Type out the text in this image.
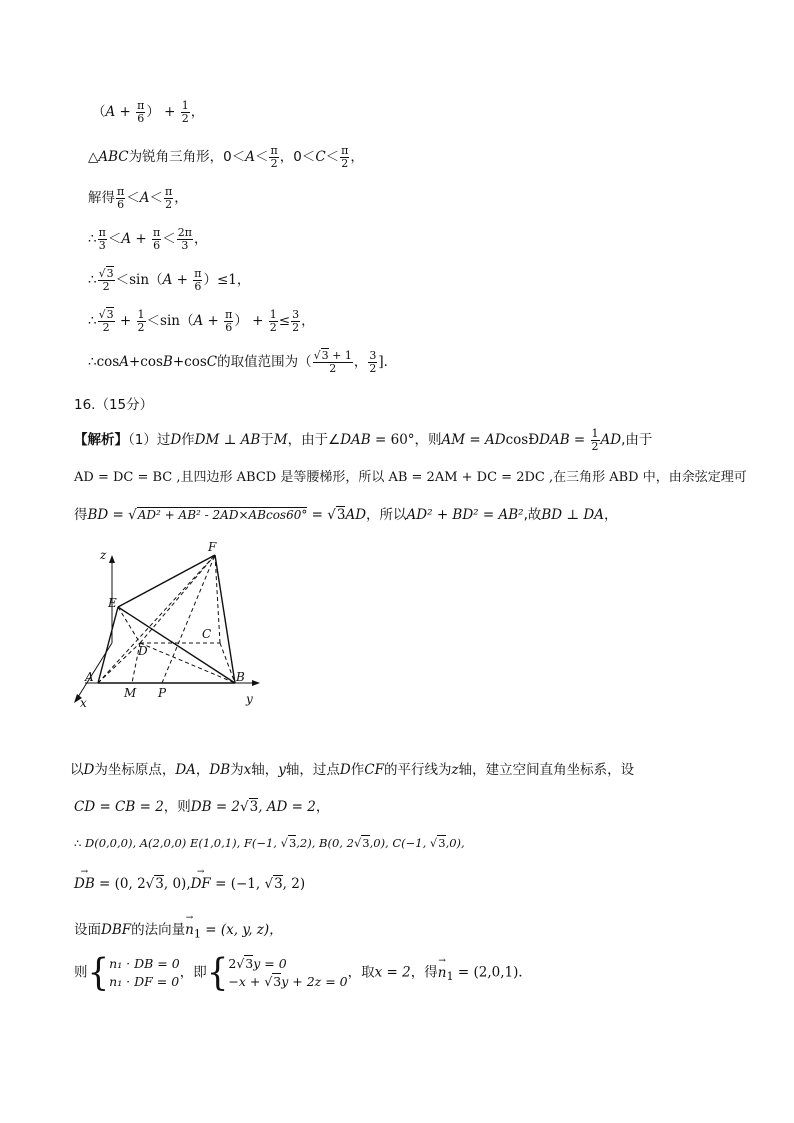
（$A + \frac{\pi}{6}$ ） + $\frac{1}{2}$ ，
△ABC为锐角三角形，$0<A< \frac{\pi}{2}$ ，$0<C< \frac{\pi}{2}$ ，
解得 $\frac{\pi}{6} <A< \frac{\pi}{2}$ ，
∴ $\frac{\pi}{3} <A + \frac{\pi}{6} < \frac{2\pi}{3}$ ，
∴ $\frac{√3}{2} <\sin(A + \frac{\pi}{6} )\le 1$，
∴ $\frac{√3}{2} + \frac{1}{2} <\sin(A + \frac{\pi}{6}$ ） + $\frac{1}{2} \le \frac{3}{2}$ ，
∴cosA+cosB+cosC的取值范围为（ $\frac{√3 + 1}{2}$ ， $\frac{3}{2}$ ]．
16.（15分）
【解析】（1）过D作DM ⊥ AB于M，由于∠DAB = 60°，则AM = ADcosÐDAB = $\frac{1}{2}$ AD,由于
AD = DC = BC ,且四边形 ABCD 是等腰梯形，所以 AB = 2AM + DC = 2DC ,在三角形 ABD 中，由余弦定理可
得BD = √AD² + AB² - 2AD×ABcos60° = √3AD，所以AD² + BD² = AB²,故BD ⊥ DA，
z
F
E
C
D
A
M P
B
x	y
以D为坐标原点，DA，DB为x轴，y轴，过点D作CF的平行线为z轴，建立空间直角坐标系，设
CD = CB = 2，则DB = 2√3, AD = 2，
∴ D(0,0,0), A(2,0,0) E(1,0,1), F(−1, √3,2), B(0, 2√3,0), C(−1, √3,0),
→ DB = (0, 2√3, 0),→ DF = (−1, √3, 2)
设面DBF的法向量→ $n_1 = (x$, y, z)，
则{ n₁ · DB = 0
n₁ · DF = 0
，即{ 2√3y = 0
−x + √3y + 2z = 0
，取x = 2，得→ $n_1 = (2,0,1)$．
